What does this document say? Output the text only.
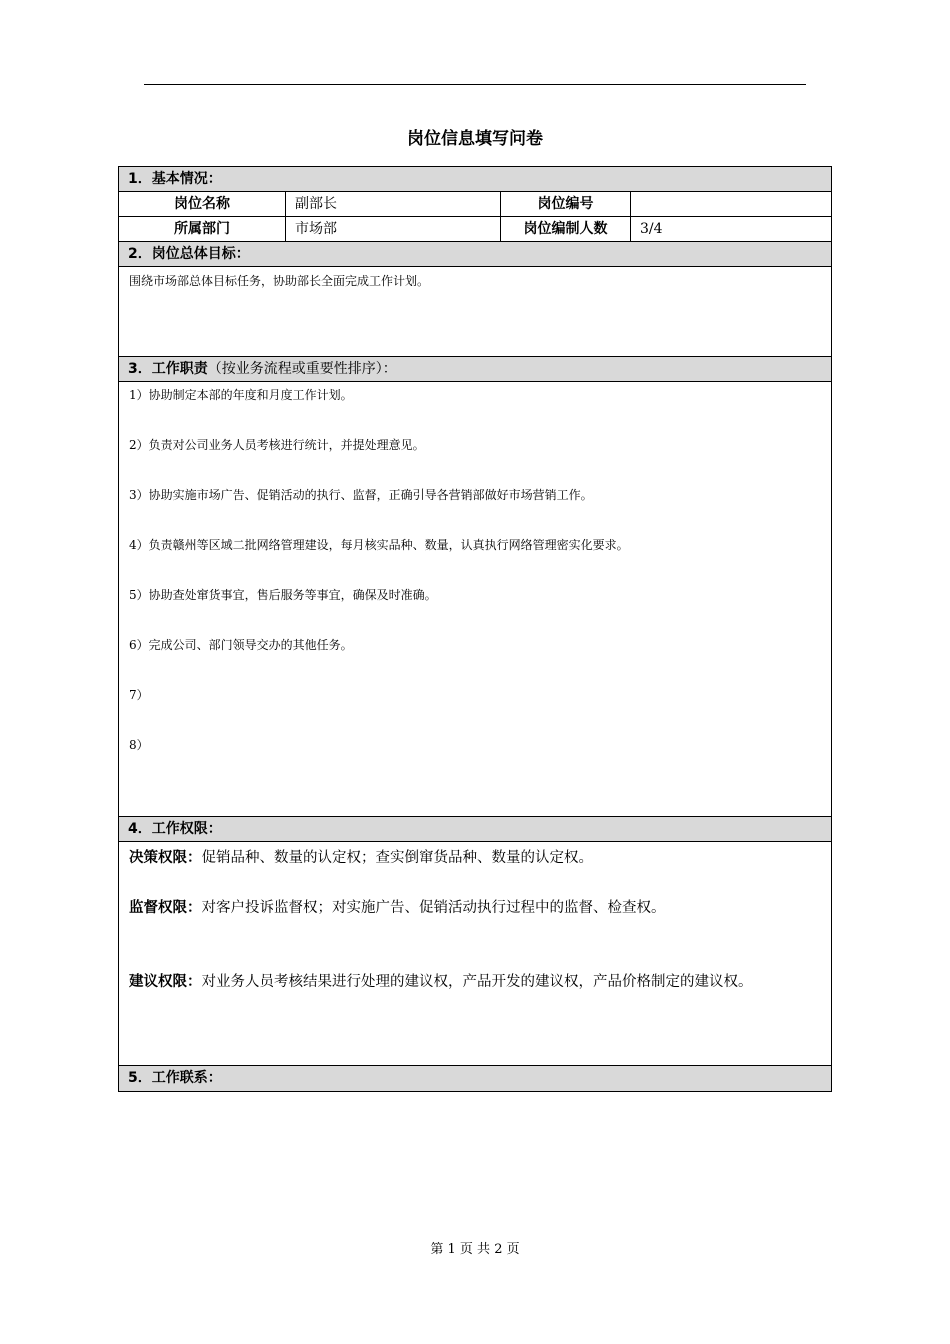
岗位信息填写问卷
1．基本情况：
岗位名称	副部长	岗位编号
所属部门	市场部	岗位编制人数	3/4
2．岗位总体目标：
围绕市场部总体目标任务，协助部长全面完成工作计划。
3．工作职责（按业务流程或重要性排序）：
1）协助制定本部的年度和月度工作计划。
2）负责对公司业务人员考核进行统计，并提处理意见。
3）协助实施市场广告、促销活动的执行、监督，正确引导各营销部做好市场营销工作。
4）负责赣州等区域二批网络管理建设，每月核实品种、数量，认真执行网络管理密实化要求。
5）协助查处窜货事宜，售后服务等事宜，确保及时准确。
6）完成公司、部门领导交办的其他任务。
7）
8）
4．工作权限：
决策权限： 促销品种、数量的认定权；查实倒窜货品种、数量的认定权。
监督权限： 对客户投诉监督权；对实施广告、促销活动执行过程中的监督、检查权。
建议权限： 对业务人员考核结果进行处理的建议权，产品开发的建议权，产品价格制定的建议权。
5．工作联系：
第 1 页 共 2 页
